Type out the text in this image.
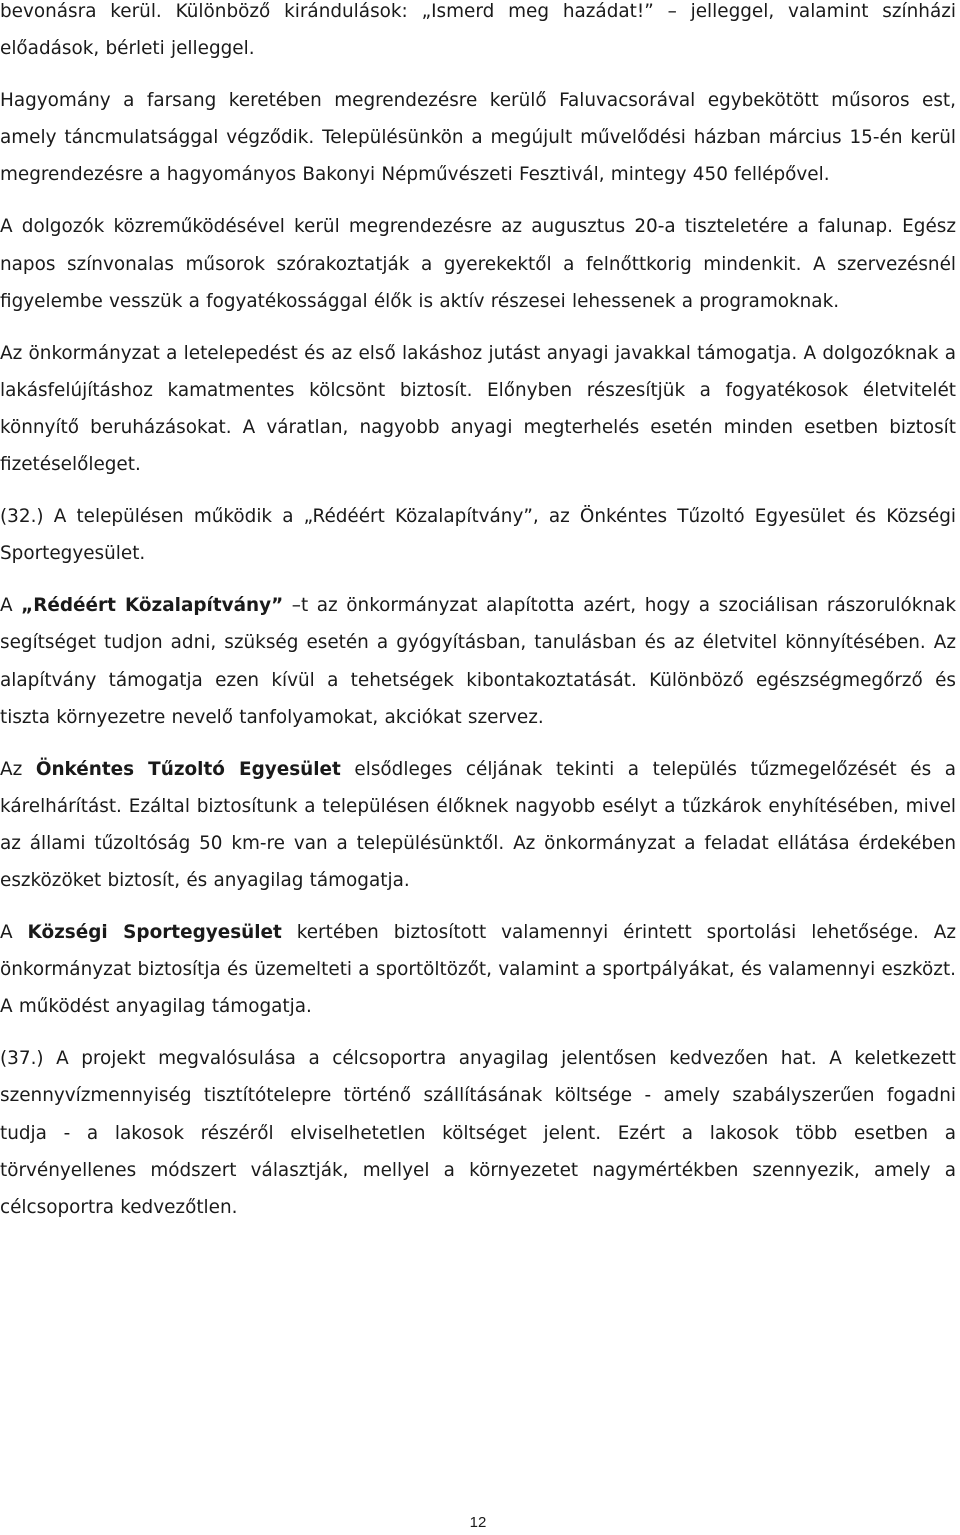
bevonásra kerül. Különböző kirándulások: „Ismerd meg hazádat!” – jelleggel, valamint színházi előadások, bérleti jelleggel.

Hagyomány a farsang keretében megrendezésre kerülő Faluvacsorával egybekötött műsoros est, amely táncmulatsággal végződik. Településünkön a megújult művelődési házban március 15-én kerül megrendezésre a hagyományos Bakonyi Népművészeti Fesztivál, mintegy 450 fellépővel.

A dolgozók közreműködésével kerül megrendezésre az augusztus 20-a tiszteletére a falunap. Egész napos színvonalas műsorok szórakoztatják a gyerekektől a felnőttkorig mindenkit. A szervezésnél figyelembe vesszük a fogyatékossággal élők is aktív részesei lehessenek a programoknak.

Az önkormányzat a letelepedést és az első lakáshoz jutást anyagi javakkal támogatja. A dolgozóknak a lakásfelújításhoz kamatmentes kölcsönt biztosít. Előnyben részesítjük a fogyatékosok életvitelét könnyítő beruházásokat. A váratlan, nagyobb anyagi megterhelés esetén minden esetben biztosít fizetéselőleget.

(32.) A településen működik a „Rédéért Közalapítvány”, az Önkéntes Tűzoltó Egyesület és Községi Sportegyesület.

A „Rédéért Közalapítvány” –t az önkormányzat alapította azért, hogy a szociálisan rászorulóknak segítséget tudjon adni, szükség esetén a gyógyításban, tanulásban és az életvitel könnyítésében. Az alapítvány támogatja ezen kívül a tehetségek kibontakoztatását. Különböző egészségmegőrző és tiszta környezetre nevelő tanfolyamokat, akciókat szervez.

Az Önkéntes Tűzoltó Egyesület elsődleges céljának tekinti a település tűzmegelőzését és a kárelhárítást. Ezáltal biztosítunk a településen élőknek nagyobb esélyt a tűzkárok enyhítésében, mivel az állami tűzoltóság 50 km-re van a településünktől. Az önkormányzat a feladat ellátása érdekében eszközöket biztosít, és anyagilag támogatja.

A Községi Sportegyesület kertében biztosított valamennyi érintett sportolási lehetősége. Az önkormányzat biztosítja és üzemelteti a sportöltözőt, valamint a sportpályákat, és valamennyi eszközt. A működést anyagilag támogatja.

(37.) A projekt megvalósulása a célcsoportra anyagilag jelentősen kedvezően hat. A keletkezett szennyvízmennyiség tisztítótelepre történő szállításának költsége - amely szabályszerűen fogadni tudja - a lakosok részéről elviselhetetlen költséget jelent. Ezért a lakosok több esetben a törvényellenes módszert választják, mellyel a környezetet nagymértékben szennyezik, amely a célcsoportra kedvezőtlen.

12
